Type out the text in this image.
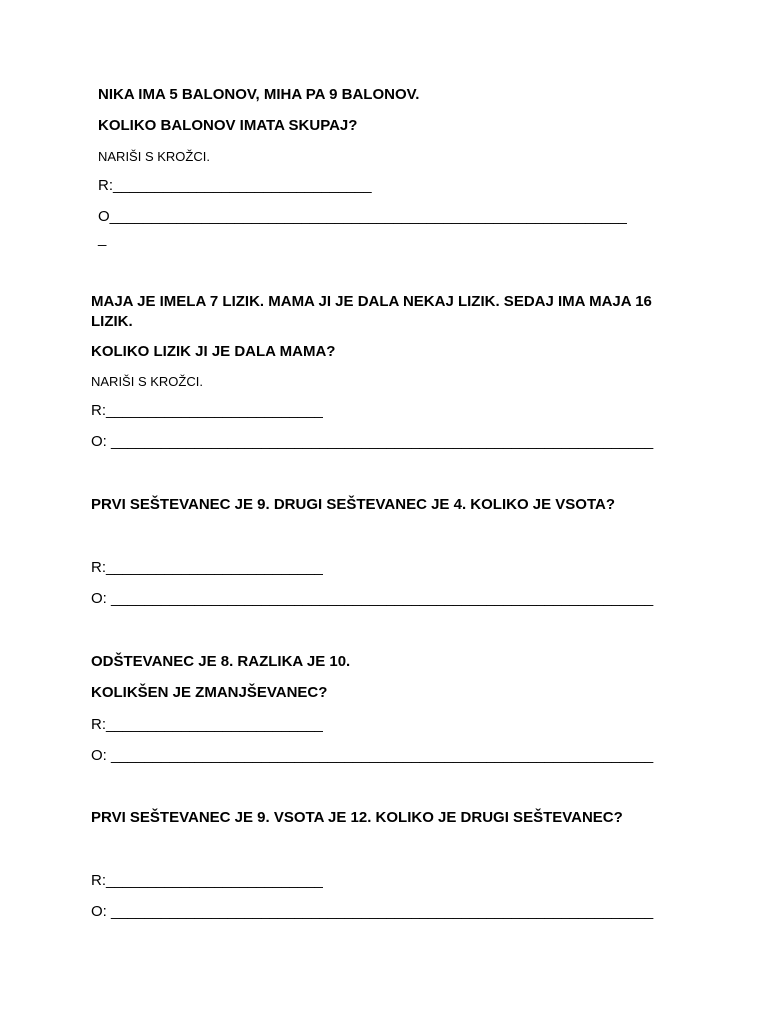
NIKA IMA 5 BALONOV, MIHA PA 9 BALONOV.
KOLIKO BALONOV IMATA SKUPAJ?
NARIŠI S KROŽCI.
R:_______________________________
O______________________________________________________________
_
MAJA JE IMELA 7 LIZIK. MAMA JI JE DALA NEKAJ LIZIK. SEDAJ IMA MAJA 16 LIZIK.
KOLIKO LIZIK JI JE DALA MAMA?
NARIŠI S KROŽCI.
R:__________________________
O: _________________________________________________________________
PRVI SEŠTEVANEC JE 9. DRUGI SEŠTEVANEC JE 4. KOLIKO JE VSOTA?
R:__________________________
O: _________________________________________________________________
ODŠTEVANEC JE 8. RAZLIKA JE 10.
KOLIKŠEN JE ZMANJŠEVANEC?
R:__________________________
O: _________________________________________________________________
PRVI SEŠTEVANEC JE 9. VSOTA JE 12. KOLIKO JE DRUGI SEŠTEVANEC?
R:__________________________
O: _________________________________________________________________
